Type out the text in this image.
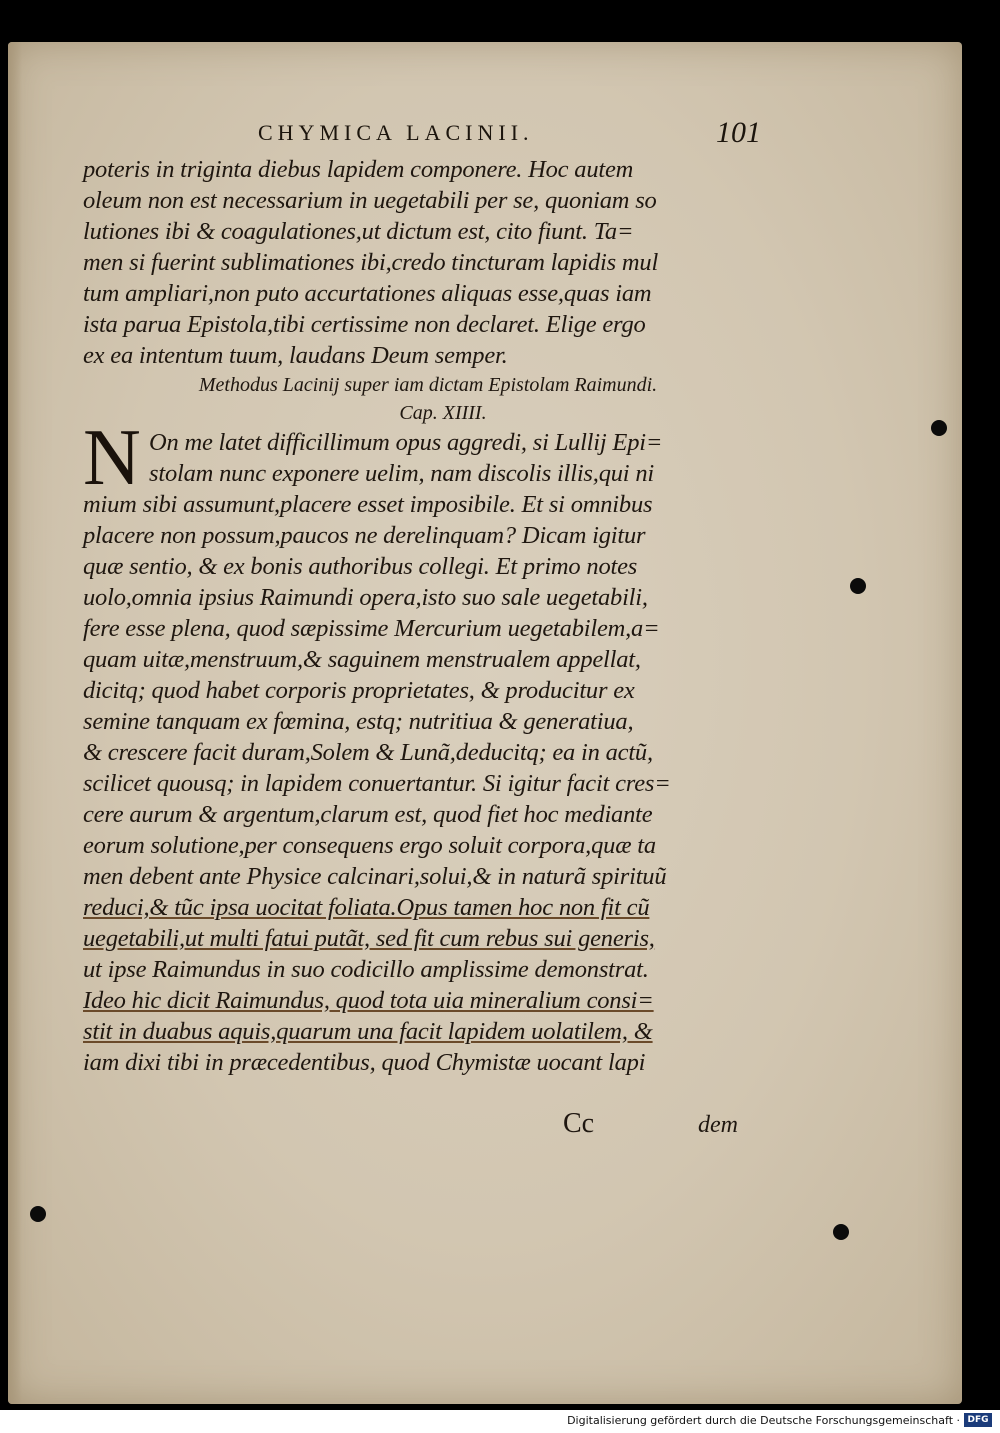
CHYMICA LACINII.	101
poteris in triginta diebus lapidem componere. Hoc autem
oleum non est necessarium in uegetabili per se, quoniam so
lutiones ibi & coagulationes,ut dictum est, cito fiunt. Ta=
men si fuerint sublimationes ibi,credo tincturam lapidis mul
tum ampliari,non puto accurtationes aliquas esse,quas iam
ista parua Epistola,tibi certissime non declaret. Elige ergo
ex ea intentum tuum, laudans Deum semper.
Methodus Lacinij super iam dictam Epistolam Raimundi.
Cap. XIIII.
N On me latet difficillimum opus aggredi, si Lullij Epi=
stolam nunc exponere uelim, nam discolis illis,qui ni
mium sibi assumunt,placere esset imposibile. Et si omnibus
placere non possum,paucos ne derelinquam? Dicam igitur
quæ sentio, & ex bonis authoribus collegi. Et primo notes
uolo,omnia ipsius Raimundi opera,isto suo sale uegetabili,
fere esse plena, quod sæpissime Mercurium uegetabilem,a=
quam uitæ,menstruum,& saguinem menstrualem appellat,
dicitq; quod habet corporis proprietates, & producitur ex
semine tanquam ex fœmina, estq; nutritiua & generatiua,
& crescere facit duram,Solem & Lunã,deducitq; ea in actũ,
scilicet quousq; in lapidem conuertantur. Si igitur facit cres=
cere aurum & argentum,clarum est, quod fiet hoc mediante
eorum solutione,per consequens ergo soluit corpora,quæ ta
men debent ante Physice calcinari,solui,& in naturã spirituũ
reduci,& tũc ipsa uocitat foliata.Opus tamen hoc non fit cũ
uegetabili,ut multi fatui putãt, sed fit cum rebus sui generis,
ut ipse Raimundus in suo codicillo amplissime demonstrat.
Ideo hic dicit Raimundus, quod tota uia mineralium consi=
stit in duabus aquis,quarum una facit lapidem uolatilem, &
iam dixi tibi in præcedentibus, quod Chymistæ uocant lapi
Cc	dem
Digitalisierung gefördert durch die Deutsche Forschungsgemeinschaft · DFG
